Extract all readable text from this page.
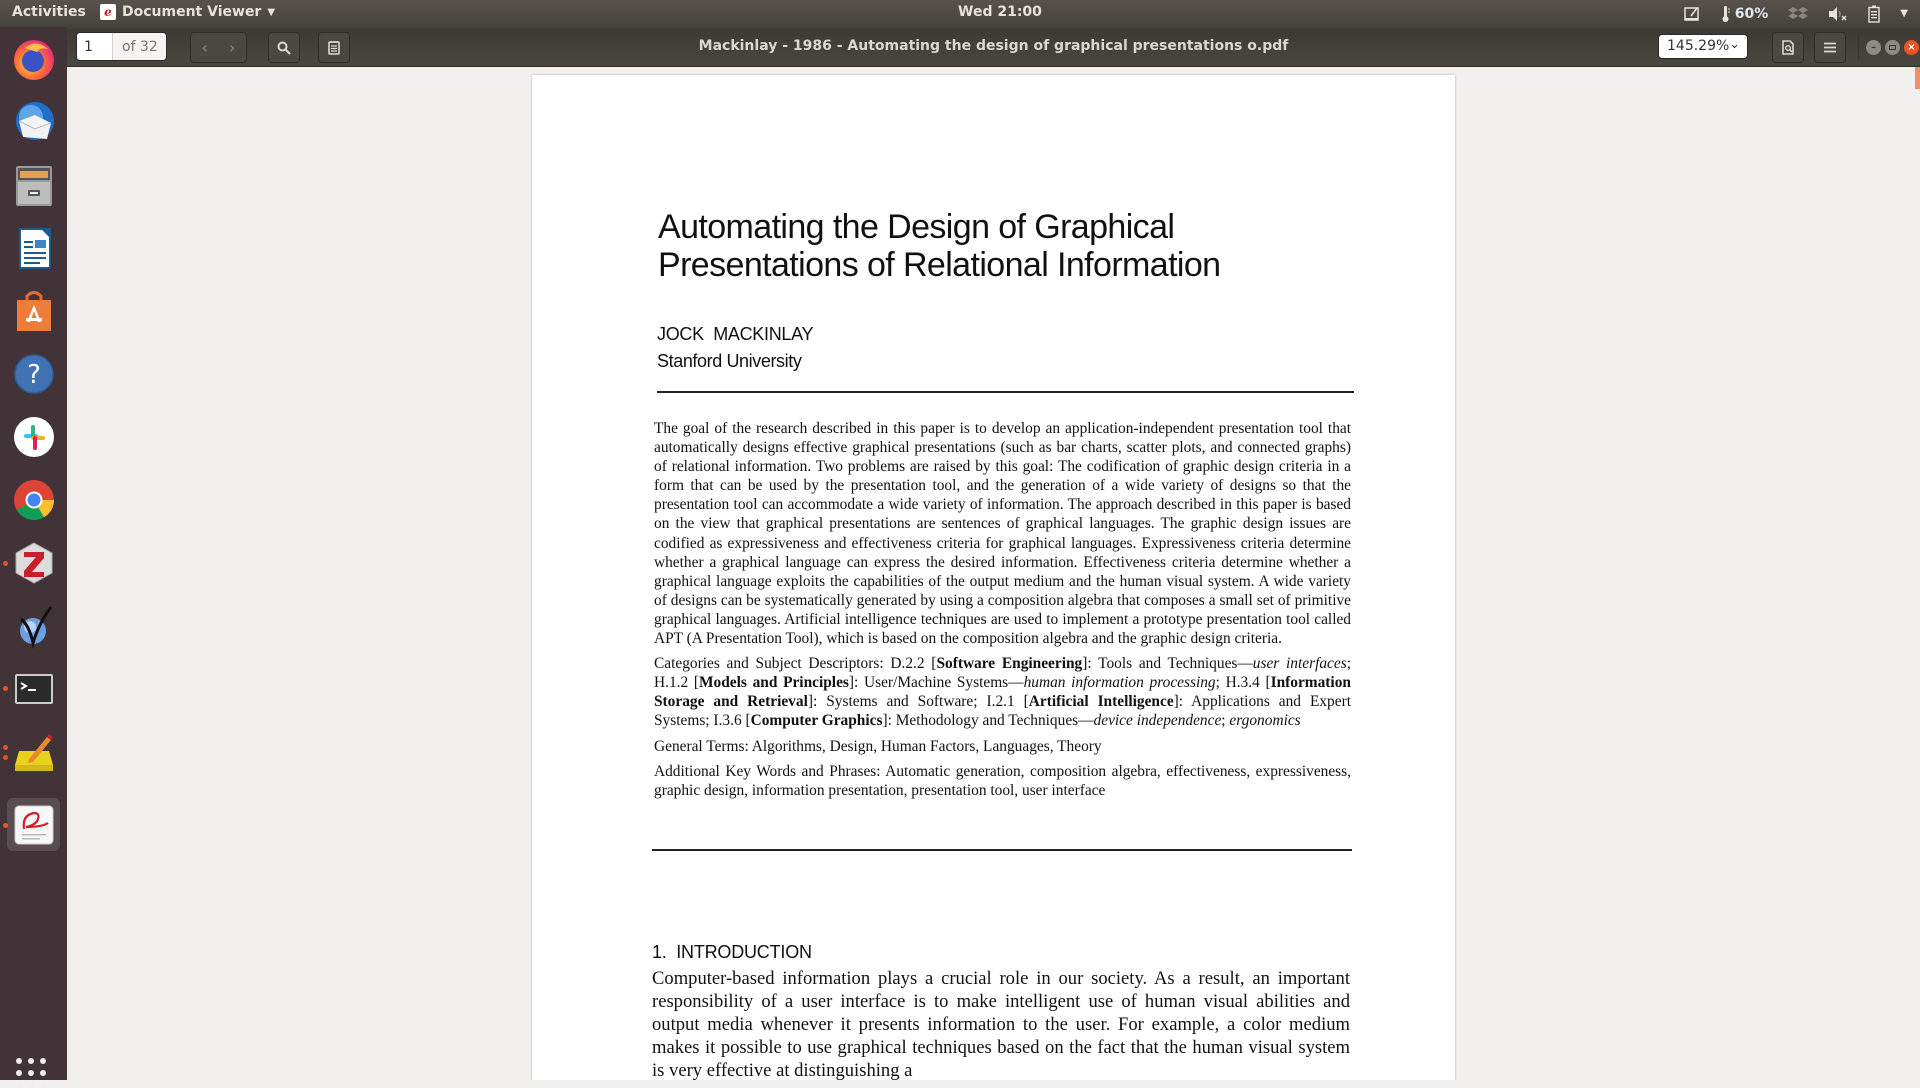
Activities	e Document Viewer ▼	Wed 21:00	60%	▼
?
1	of 32	‹	›	Mackinlay - 1986 - Automating the design of graphical presentations o.pdf	145.29% ⌄	–	×
Automating the Design of Graphical
Presentations of Relational Information
JOCK  MACKINLAY
Stanford University

The goal of the research described in this paper is to develop an application-independent presentation tool that automatically designs effective graphical presentations (such as bar charts, scatter plots, and connected graphs) of relational information. Two problems are raised by this goal: The codification of graphic design criteria in a form that can be used by the presentation tool, and the generation of a wide variety of designs so that the presentation tool can accommodate a wide variety of information. The approach described in this paper is based on the view that graphical presentations are sentences of graphical languages. The graphic design issues are codified as expressiveness and effectiveness criteria for graphical languages. Expressiveness criteria determine whether a graphical language can express the desired information. Effectiveness criteria determine whether a graphical language exploits the capabilities of the output medium and the human visual system. A wide variety of designs can be systematically generated by using a composition algebra that composes a small set of primitive graphical languages. Artificial intelligence techniques are used to implement a prototype presentation tool called APT (A Presentation Tool), which is based on the composition algebra and the graphic design criteria.

Categories and Subject Descriptors: D.2.2 [Software Engineering]: Tools and Techniques—user interfaces; H.1.2 [Models and Principles]: User/Machine Systems—human information processing; H.3.4 [Information Storage and Retrieval]: Systems and Software; I.2.1 [Artificial Intelligence]: Applications and Expert Systems; I.3.6 [Computer Graphics]: Methodology and Techniques—device independence; ergonomics

General Terms: Algorithms, Design, Human Factors, Languages, Theory

Additional Key Words and Phrases: Automatic generation, composition algebra, effectiveness, expressiveness, graphic design, information presentation, presentation tool, user interface

1.  INTRODUCTION
Computer-based information plays a crucial role in our society. As a result, an important responsibility of a user interface is to make intelligent use of human visual abilities and output media whenever it presents information to the user. For example, a color medium makes it possible to use graphical techniques based on the fact that the human visual system is very effective at distinguishing a
